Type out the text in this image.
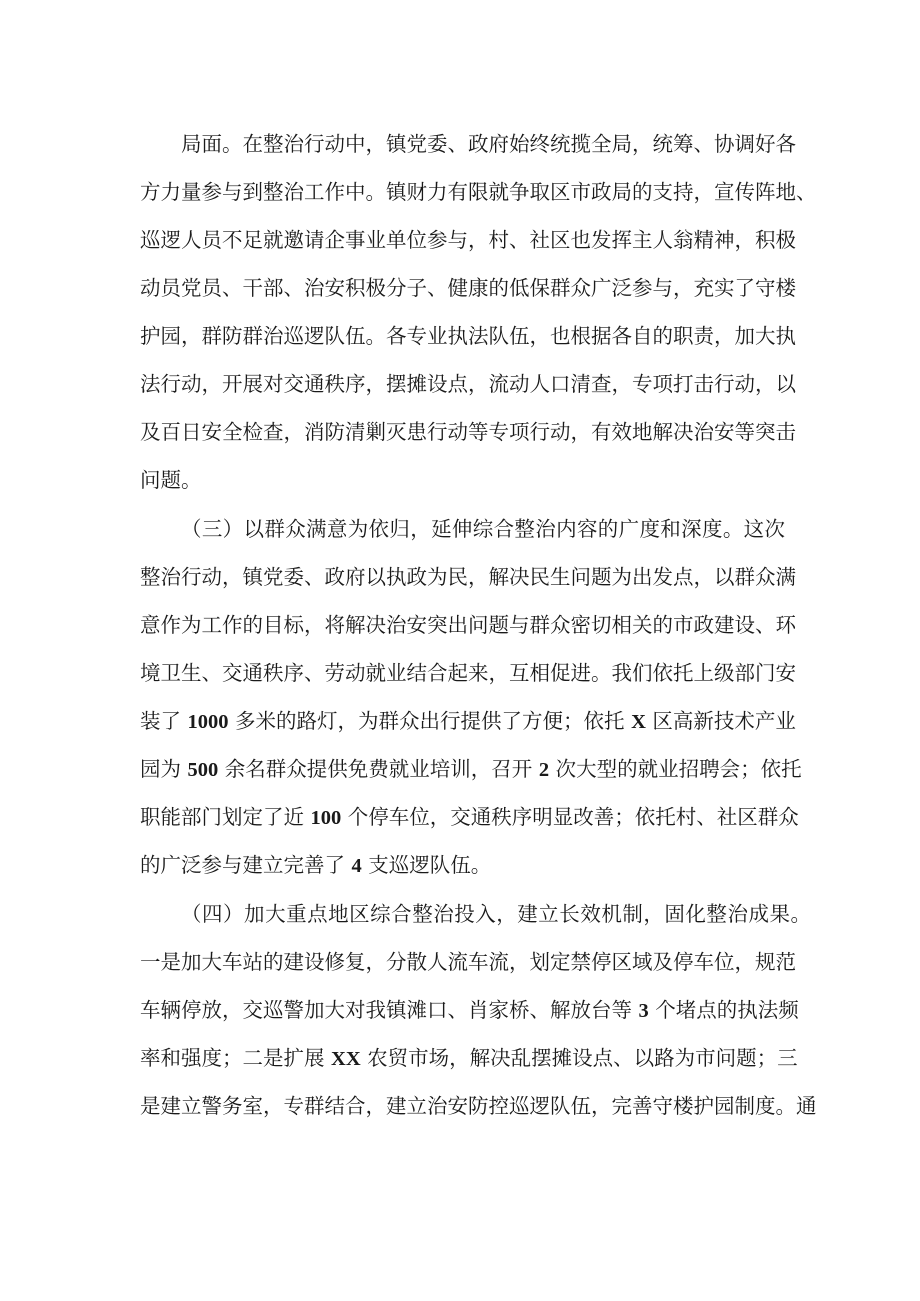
局面。在整治行动中，镇党委、政府始终统揽全局，统筹、协调好各
方力量参与到整治工作中。镇财力有限就争取区市政局的支持，宣传阵地、
巡逻人员不足就邀请企事业单位参与，村、社区也发挥主人翁精神，积极
动员党员、干部、治安积极分子、健康的低保群众广泛参与，充实了守楼
护园，群防群治巡逻队伍。各专业执法队伍，也根据各自的职责，加大执
法行动，开展对交通秩序，摆摊设点，流动人口清查，专项打击行动，以
及百日安全检查，消防清剿灭患行动等专项行动，有效地解决治安等突击
问题。
（三）以群众满意为依归，延伸综合整治内容的广度和深度。这次
整治行动，镇党委、政府以执政为民，解决民生问题为出发点，以群众满
意作为工作的目标，将解决治安突出问题与群众密切相关的市政建设、环
境卫生、交通秩序、劳动就业结合起来，互相促进。我们依托上级部门安
装了 1000 多米的路灯，为群众出行提供了方便；依托 X 区高新技术产业
园为 500 余名群众提供免费就业培训，召开 2 次大型的就业招聘会；依托
职能部门划定了近 100 个停车位，交通秩序明显改善；依托村、社区群众
的广泛参与建立完善了 4 支巡逻队伍。
（四）加大重点地区综合整治投入，建立长效机制，固化整治成果。
一是加大车站的建设修复，分散人流车流，划定禁停区域及停车位，规范
车辆停放，交巡警加大对我镇滩口、肖家桥、解放台等 3 个堵点的执法频
率和强度；二是扩展 XX 农贸市场，解决乱摆摊设点、以路为市问题；三
是建立警务室，专群结合，建立治安防控巡逻队伍，完善守楼护园制度。通
